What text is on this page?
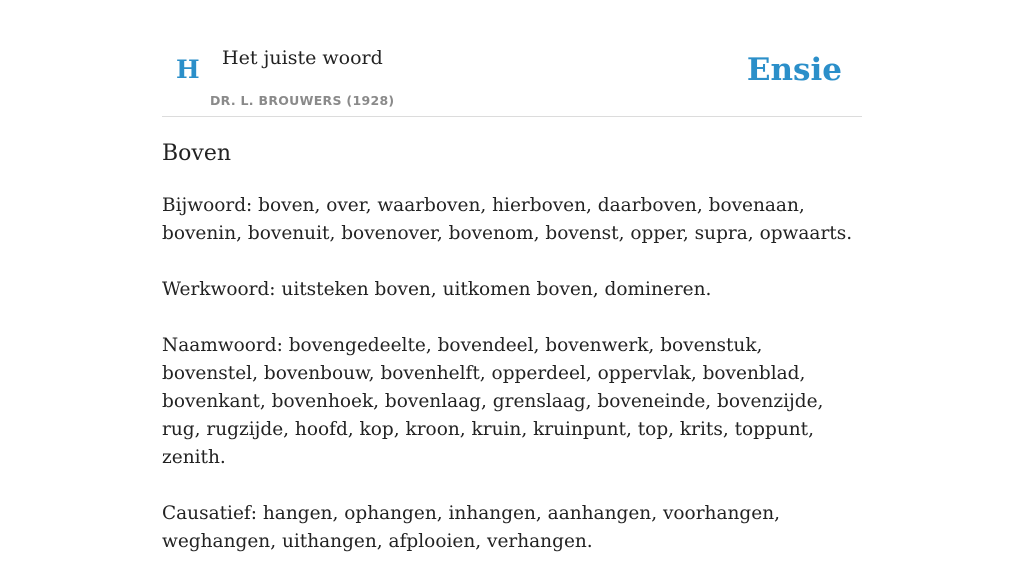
H Het juiste woord
DR. L. BROUWERS (1928)
Ensie
Boven

Bijwoord: boven, over, waarboven, hierboven, daarboven, bovenaan, bovenin, bovenuit, bovenover, bovenom, bovenst, opper, supra, opwaarts.

Werkwoord: uitsteken boven, uitkomen boven, domineren.

Naamwoord: bovengedeelte, bovendeel, bovenwerk, bovenstuk, bovenstel, bovenbouw, bovenhelft, opperdeel, oppervlak, bovenblad, bovenkant, bovenhoek, bovenlaag, grenslaag, boveneinde, bovenzijde, rug, rugzijde, hoofd, kop, kroon, kruin, kruinpunt, top, krits, toppunt, zenith.

Causatief: hangen, ophangen, inhangen, aanhangen, voorhangen, weghangen, uithangen, afplooien, verhangen.
